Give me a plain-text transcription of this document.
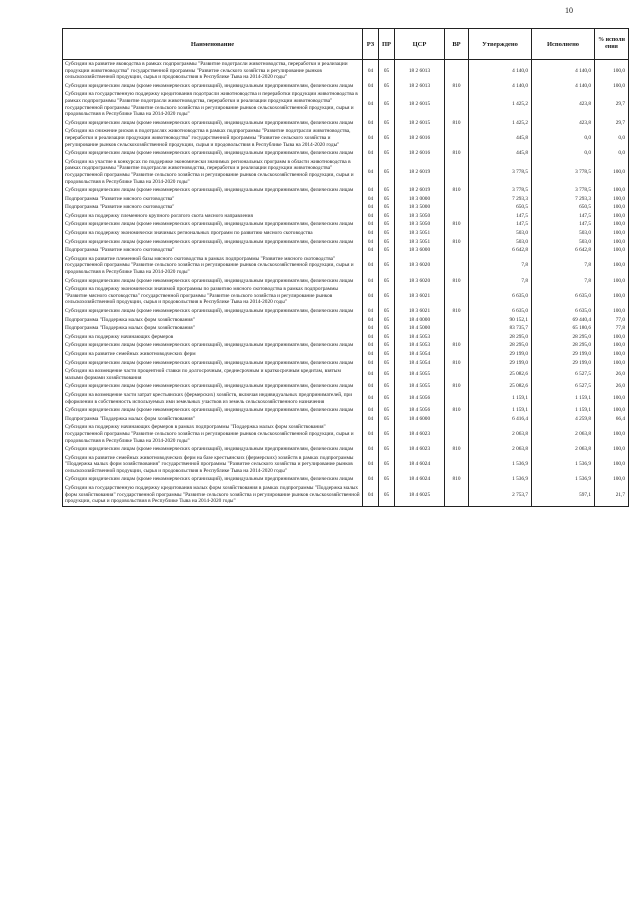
10
Наименование	РЗ	ПР	ЦСР	ВР	Утверждено	Исполнено	% исполн ения
Субсидии на развитие яководства в рамках подпрограммы "Развитие подотрасли животноводства, переработки и реализации продукции животноводства" государственной программы "Развитие сельского хозяйства и регулирование рынков сельскохозяйственной продукции, сырья и продовольствия в Республике Тыва на 2014-2020 годы"	04	05	18 2 6013		4 140,0	4 140,0	100,0
Субсидии юридическим лицам (кроме некоммерческих организаций), индивидуальным предпринимателям, физическим лицам	04	05	18 2 6013	810	4 140,0	4 140,0	100,0
Субсидии на государственную поддержку кредитования подотрасли животноводства и переработки продукции животноводства в рамках подпрограммы "Развитие подотрасли животноводства, переработки и реализации продукции животноводства" государственной программы "Развитие сельского хозяйства и регулирование рынков сельскохозяйственной продукции, сырья и продовольствия в Республике Тыва на 2014-2020 годы"	04	05	18 2 6015		1 425,2	423,8	29,7
Субсидии юридическим лицам (кроме некоммерческих организаций), индивидуальным предпринимателям, физическим лицам	04	05	18 2 6015	810	1 425,2	423,8	29,7
Субсидии на снижение рисков в подотраслях животноводства в рамках подпрограммы "Развитие подотрасли животноводства, переработки и реализации продукции животноводства" государственной программы "Развитие сельского хозяйства и регулирование рынков сельскохозяйственной продукции, сырья и продовольствия в Республике Тыва на 2014-2020 годы"	04	05	18 2 6016		445,8	0,0	0,0
Субсидии юридическим лицам (кроме некоммерческих организаций), индивидуальным предпринимателям, физическим лицам	04	05	18 2 6016	810	445,8	0,0	0,0
Субсидии на участие в конкурсах по поддержке экономически значимых региональных программ в области животноводства в рамках подпрограммы "Развитие подотрасли животноводства, переработки и реализации продукции животноводства" государственной программы "Развитие сельского хозяйства и регулирование рынков сельскохозяйственной продукции, сырья и продовольствия в Республике Тыва на 2014-2020 годы"	04	05	18 2 6019		3 778,5	3 778,5	100,0
Субсидии юридическим лицам (кроме некоммерческих организаций), индивидуальным предпринимателям, физическим лицам	04	05	18 2 6019	810	3 778,5	3 778,5	100,0
Подпрограмма "Развитие мясного скотоводства"	04	05	18 3 0000		7 293,3	7 293,3	100,0
Подпрограмма "Развитие мясного скотоводства"	04	05	18 3 5000		650,5	650,5	100,0
Субсидии на поддержку племенного крупного рогатого скота мясного направления	04	05	18 3 5050		147,5	147,5	100,0
Субсидии юридическим лицам (кроме некоммерческих организаций), индивидуальным предпринимателям, физическим лицам	04	05	18 3 5050	810	147,5	147,5	100,0
Субсидии на поддержку экономически значимых региональных программ по развитию мясного скотоводства	04	05	18 3 5051		503,0	503,0	100,0
Субсидии юридическим лицам (кроме некоммерческих организаций), индивидуальным предпринимателям, физическим лицам	04	05	18 3 5051	810	503,0	503,0	100,0
Подпрограмма "Развитие мясного скотоводства"	04	05	18 3 6000		6 642,8	6 642,8	100,0
Субсидии на развитие племенной базы мясного скотоводства в рамках подпрограммы "Развитие мясного скотоводства" государственной программы "Развитие сельского хозяйства и регулирование рынков сельскохозяйственной продукции, сырья и продовольствия в Республике Тыва на 2014-2020 годы"	04	05	18 3 6020		7,8	7,8	100,0
Субсидии юридическим лицам (кроме некоммерческих организаций), индивидуальным предпринимателям, физическим лицам	04	05	18 3 6020	810	7,8	7,8	100,0
Субсидии на поддержку экономически значимой программы по развитию мясного скотоводства в рамках подпрограммы "Развитие мясного скотоводства" государственной программы "Развитие сельского хозяйства и регулирование рынков сельскохозяйственной продукции, сырья и продовольствия в Республике Тыва на 2014-2020 годы"	04	05	18 3 6021		6 635,0	6 635,0	100,0
Субсидии юридическим лицам (кроме некоммерческих организаций), индивидуальным предпринимателям, физическим лицам	04	05	18 3 6021	810	6 635,0	6 635,0	100,0
Подпрограмма "Поддержка малых форм хозяйствования"	04	05	18 4 0000		90 152,1	69 440,4	77,0
Подпрограмма "Поддержка малых форм хозяйствования"	04	05	18 4 5000		83 735,7	65 180,6	77,8
Субсидии на поддержку начинающих фермеров	04	05	18 4 5053		28 295,0	28 295,0	100,0
Субсидии юридическим лицам (кроме некоммерческих организаций), индивидуальным предпринимателям, физическим лицам	04	05	18 4 5053	810	28 295,0	28 295,0	100,0
Субсидии на развитие семейных животноводческих ферм	04	05	18 4 5054		29 199,0	29 199,0	100,0
Субсидии юридическим лицам (кроме некоммерческих организаций), индивидуальным предпринимателям, физическим лицам	04	05	18 4 5054	810	29 199,0	29 199,0	100,0
Субсидии на возмещение части процентной ставки по долгосрочным, среднесрочным и краткосрочным кредитам, взятым малыми формами хозяйствования	04	05	18 4 5055		25 082,6	6 527,5	26,0
Субсидии юридическим лицам (кроме некоммерческих организаций), индивидуальным предпринимателям, физическим лицам	04	05	18 4 5055	810	25 082,6	6 527,5	26,0
Субсидии на возмещение части затрат крестьянских (фермерских) хозяйств, включая индивидуальных предпринимателей, при оформлении в собственность используемых ими земельных участков из земель сельскохозяйственного назначения	04	05	18 4 5056		1 159,1	1 159,1	100,0
Субсидии юридическим лицам (кроме некоммерческих организаций), индивидуальным предпринимателям, физическим лицам	04	05	18 4 5056	810	1 159,1	1 159,1	100,0
Подпрограмма "Поддержка малых форм хозяйствования"	04	05	18 4 6000		6 416,4	4 259,8	66,4
Субсидии на поддержку начинающих фермеров в рамках подпрограммы "Поддержка малых форм хозяйствования" государственной программы "Развитие сельского хозяйства и регулирование рынков сельскохозяйственной продукции, сырья и продовольствия в Республике Тыва на 2014-2020 годы"	04	05	18 4 6023		2 063,8	2 063,8	100,0
Субсидии юридическим лицам (кроме некоммерческих организаций), индивидуальным предпринимателям, физическим лицам	04	05	18 4 6023	810	2 063,8	2 063,8	100,0
Субсидии на развитие семейных животноводческих ферм на базе крестьянских (фермерских) хозяйств в рамках подпрограммы "Поддержка малых форм хозяйствования" государственной программы "Развитие сельского хозяйства и регулирование рынков сельскохозяйственной продукции, сырья и продовольствия в Республике Тыва на 2014-2020 годы"	04	05	18 4 6024		1 536,9	1 536,9	100,0
Субсидии юридическим лицам (кроме некоммерческих организаций), индивидуальным предпринимателям, физическим лицам	04	05	18 4 6024	810	1 536,9	1 536,9	100,0
Субсидии на государственную поддержку кредитования малых форм хозяйствования в рамках подпрограммы "Поддержка малых форм хозяйствования" государственной программы "Развитие сельского хозяйства и регулирование рынков сельскохозяйственной продукции, сырья и продовольствия в Республике Тыва на 2014-2020 годы"	04	05	18 4 6025		2 753,7	597,1	21,7
